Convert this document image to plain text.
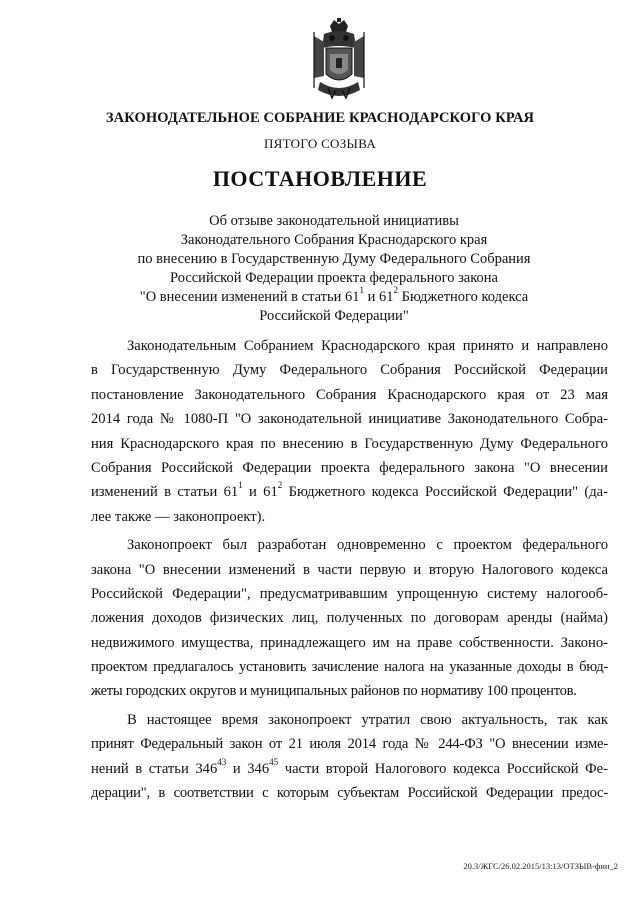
ЗАКОНОДАТЕЛЬНОЕ СОБРАНИЕ КРАСНОДАРСКОГО КРАЯ
ПЯТОГО СОЗЫВА
ПОСТАНОВЛЕНИЕ
Об отзыве законодательной инициативы
Законодательного Собрания Краснодарского края
по внесению в Государственную Думу Федерального Собрания
Российской Федерации проекта федерального закона
"О внесении изменений в статьи $61^1$ и $61^2$ Бюджетного кодекса
Российской Федерации"
Законодательным Собранием Краснодарского края принято и направлено
в Государственную Думу Федерального Собрания Российской Федерации
постановление Законодательного Собрания Краснодарского края от 23 мая
2014 года № 1080-П "О законодательной инициативе Законодательного Собра-
ния Краснодарского края по внесению в Государственную Думу Федерального
Собрания Российской Федерации проекта федерального закона "О внесении
изменений в статьи $61^1$ и $61^2$ Бюджетного кодекса Российской Федерации" (да-
лее также — законопроект).
Законопроект был разработан одновременно с проектом федерального
закона "О внесении изменений в части первую и вторую Налогового кодекса
Российской Федерации", предусматривавшим упрощенную систему налогооб-
ложения доходов физических лиц, полученных по договорам аренды (найма)
недвижимого имущества, принадлежащего им на праве собственности. Законо-
проектом предлагалось установить зачисление налога на указанные доходы в бюд-
жеты городских округов и муниципальных районов по нормативу 100 процентов.
В настоящее время законопроект утратил свою актуальность, так как
принят Федеральный закон от 21 июля 2014 года № 244-ФЗ "О внесении изме-
нений в статьи $346^{43}$ и $346^{45}$ части второй Налогового кодекса Российской Фе-
дерации", в соответствии с которым субъектам Российской Федерации предос-
20.3/ЖГС/26.02.2015/13:13/ОТЗЫВ-фин_2
